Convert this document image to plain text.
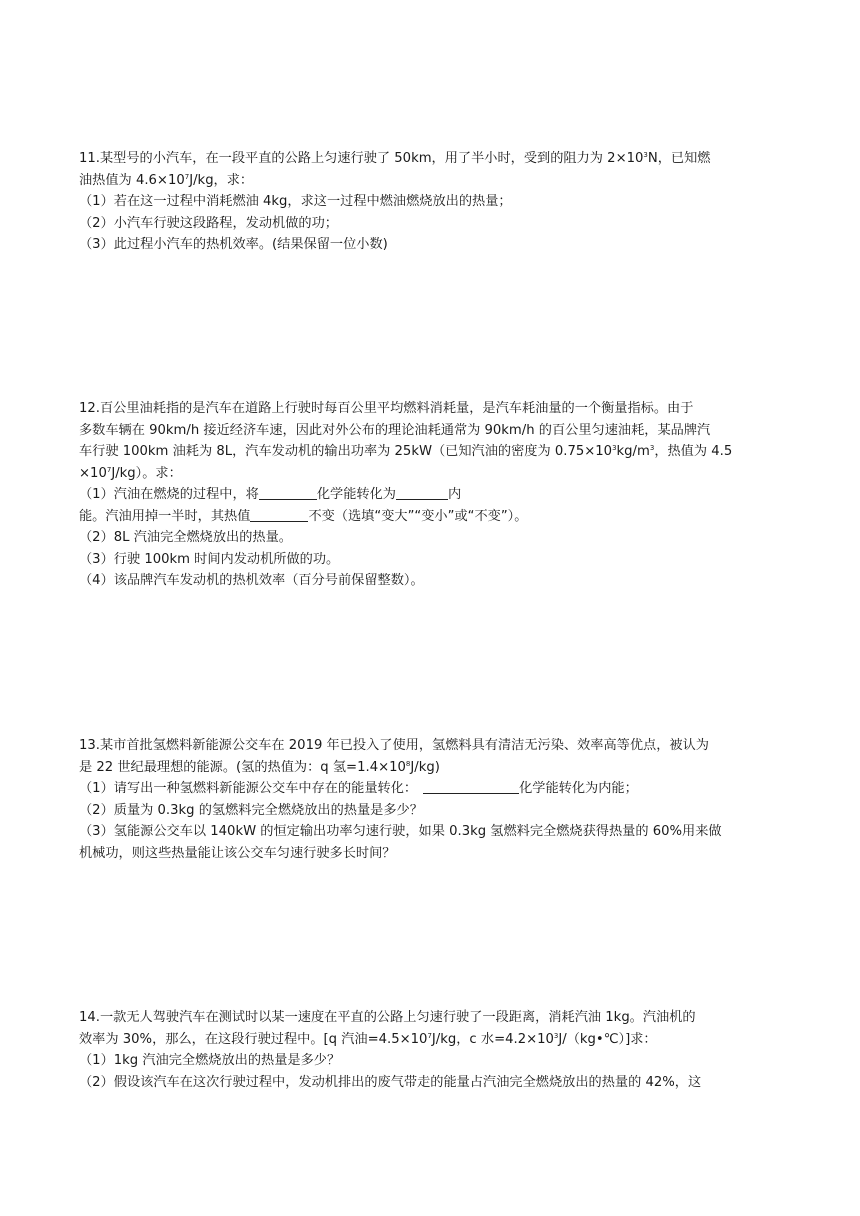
11.某型号的小汽车，在一段平直的公路上匀速行驶了 50km，用了半小时，受到的阻力为 $2\times 10^3N$，已知燃

油热值为 $4.6\times 10^7J/kg$，求：

（1）若在这一过程中消耗燃油 4kg，求这一过程中燃油燃烧放出的热量；

（2）小汽车行驶这段路程，发动机做的功；

（3）此过程小汽车的热机效率。(结果保留一位小数)

12.百公里油耗指的是汽车在道路上行驶时每百公里平均燃料消耗量，是汽车耗油量的一个衡量指标。由于

多数车辆在 90km/h 接近经济车速，因此对外公布的理论油耗通常为 90km/h 的百公里匀速油耗，某品牌汽

车行驶 100km 油耗为 8L，汽车发动机的输出功率为 25kW（已知汽油的密度为 $0.75\times 10^3kg/m^3$，热值为 4.5

$\times 10^7J/kg$）。求：

（1）汽油在燃烧的过程中，将	化学能转化为	内

能。汽油用掉一半时，其热值	不变（选填“变大”“变小”或“不变”）。

（2）8L 汽油完全燃烧放出的热量。

（3）行驶 100km 时间内发动机所做的功。

（4）该品牌汽车发动机的热机效率（百分号前保留整数）。

13.某市首批氢燃料新能源公交车在 2019 年已投入了使用，氢燃料具有清洁无污染、效率高等优点，被认为

是 22 世纪最理想的能源。(氢的热值为：q 氢$=1.4\times 10^8J/kg$)

（1）请写出一种氢燃料新能源公交车中存在的能量转化：	化学能转化为内能；

（2）质量为 0.3kg 的氢燃料完全燃烧放出的热量是多少？

（3）氢能源公交车以 140kW 的恒定输出功率匀速行驶，如果 0.3kg 氢燃料完全燃烧获得热量的 60%用来做

机械功，则这些热量能让该公交车匀速行驶多长时间？

14.一款无人驾驶汽车在测试时以某一速度在平直的公路上匀速行驶了一段距离，消耗汽油 1kg。汽油机的

效率为 30%，那么，在这段行驶过程中。[q 汽油$=4.5\times 10^7J/kg$，c 水$=4.2\times 10^3J/(kg•℃)$]求：

（1）1kg 汽油完全燃烧放出的热量是多少？

（2）假设该汽车在这次行驶过程中，发动机排出的废气带走的能量占汽油完全燃烧放出的热量的 42%，这
